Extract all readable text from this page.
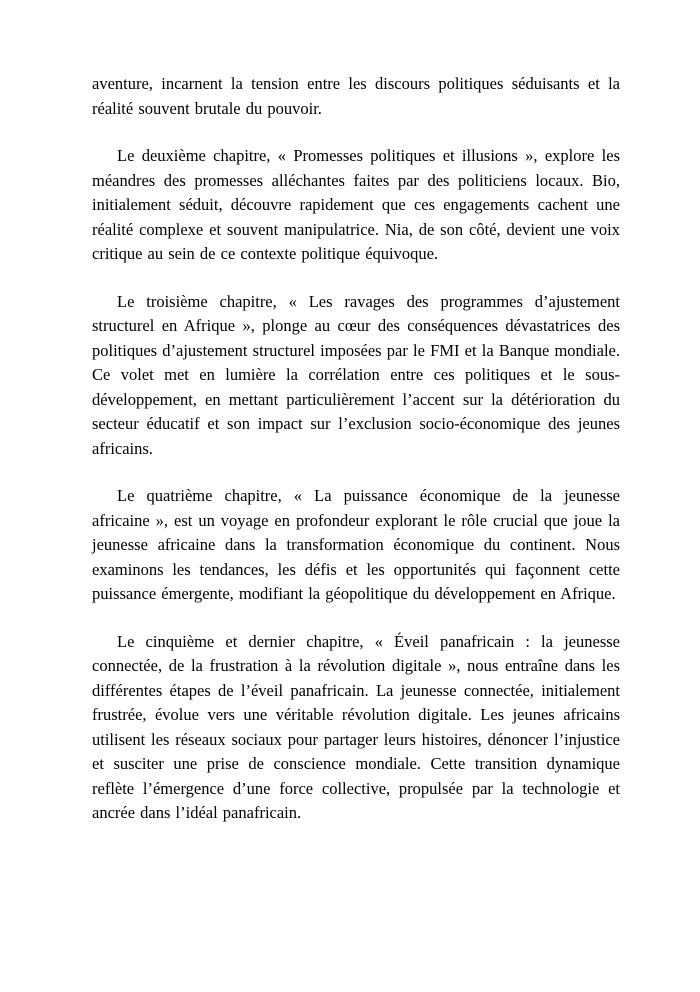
aventure, incarnent la tension entre les discours politiques séduisants et la réalité souvent brutale du pouvoir.

Le deuxième chapitre, « Promesses politiques et illusions », explore les méandres des promesses alléchantes faites par des politiciens locaux. Bio, initialement séduit, découvre rapidement que ces engagements cachent une réalité complexe et souvent manipulatrice. Nia, de son côté, devient une voix critique au sein de ce contexte politique équivoque.

Le troisième chapitre, « Les ravages des programmes d’ajustement structurel en Afrique », plonge au cœur des conséquences dévastatrices des politiques d’ajustement structurel imposées par le FMI et la Banque mondiale. Ce volet met en lumière la corrélation entre ces politiques et le sous-développement, en mettant particulièrement l’accent sur la détérioration du secteur éducatif et son impact sur l’exclusion socio-économique des jeunes africains.

Le quatrième chapitre, « La puissance économique de la jeunesse africaine », est un voyage en profondeur explorant le rôle crucial que joue la jeunesse africaine dans la transformation économique du continent. Nous examinons les tendances, les défis et les opportunités qui façonnent cette puissance émergente, modifiant la géopolitique du développement en Afrique.

Le cinquième et dernier chapitre, « Éveil panafricain : la jeunesse connectée, de la frustration à la révolution digitale », nous entraîne dans les différentes étapes de l’éveil panafricain. La jeunesse connectée, initialement frustrée, évolue vers une véritable révolution digitale. Les jeunes africains utilisent les réseaux sociaux pour partager leurs histoires, dénoncer l’injustice et susciter une prise de conscience mondiale. Cette transition dynamique reflète l’émergence d’une force collective, propulsée par la technologie et ancrée dans l’idéal panafricain.
